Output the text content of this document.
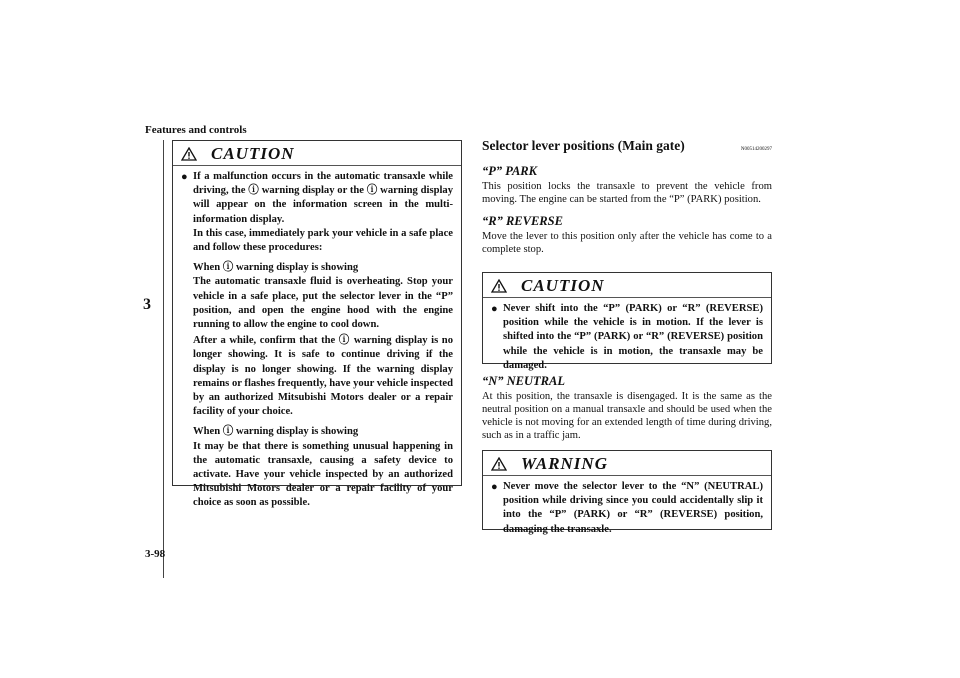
Features and controls
3
3-98
CAUTION
● If a malfunction occurs in the automatic transaxle while driving, the ⓘ warning display or the ⓘ warning display will appear on the information screen in the multi-information display.

In this case, immediately park your vehicle in a safe place and follow these procedures:

When ⓘ warning display is showing

The automatic transaxle fluid is overheating. Stop your vehicle in a safe place, put the selector lever in the “P” position, and open the engine hood with the engine running to allow the engine to cool down.

After a while, confirm that the ⓘ warning display is no longer showing. It is safe to continue driving if the display is no longer showing. If the warning display remains or flashes frequently, have your vehicle inspected by an authorized Mitsubishi Motors dealer or a repair facility of your choice.

When ⓘ warning display is showing

It may be that there is something unusual happening in the automatic transaxle, causing a safety device to activate. Have your vehicle inspected by an authorized Mitsubishi Motors dealer or a repair facility of your choice as soon as possible.

Selector lever positions (Main gate)	N00514200297
“P” PARK

This position locks the transaxle to prevent the vehicle from moving. The engine can be started from the “P” (PARK) position.

“R” REVERSE

Move the lever to this position only after the vehicle has come to a complete stop.

CAUTION
● Never shift into the “P” (PARK) or “R” (REVERSE) position while the vehicle is in motion. If the lever is shifted into the “P” (PARK) or “R” (REVERSE) position while the vehicle is in motion, the transaxle may be damaged.

“N” NEUTRAL

At this position, the transaxle is disengaged. It is the same as the neutral position on a manual transaxle and should be used when the vehicle is not moving for an extended length of time during driving, such as in a traffic jam.

WARNING
● Never move the selector lever to the “N” (NEUTRAL) position while driving since you could accidentally slip it into the “P” (PARK) or “R” (REVERSE) position, damaging the transaxle.
